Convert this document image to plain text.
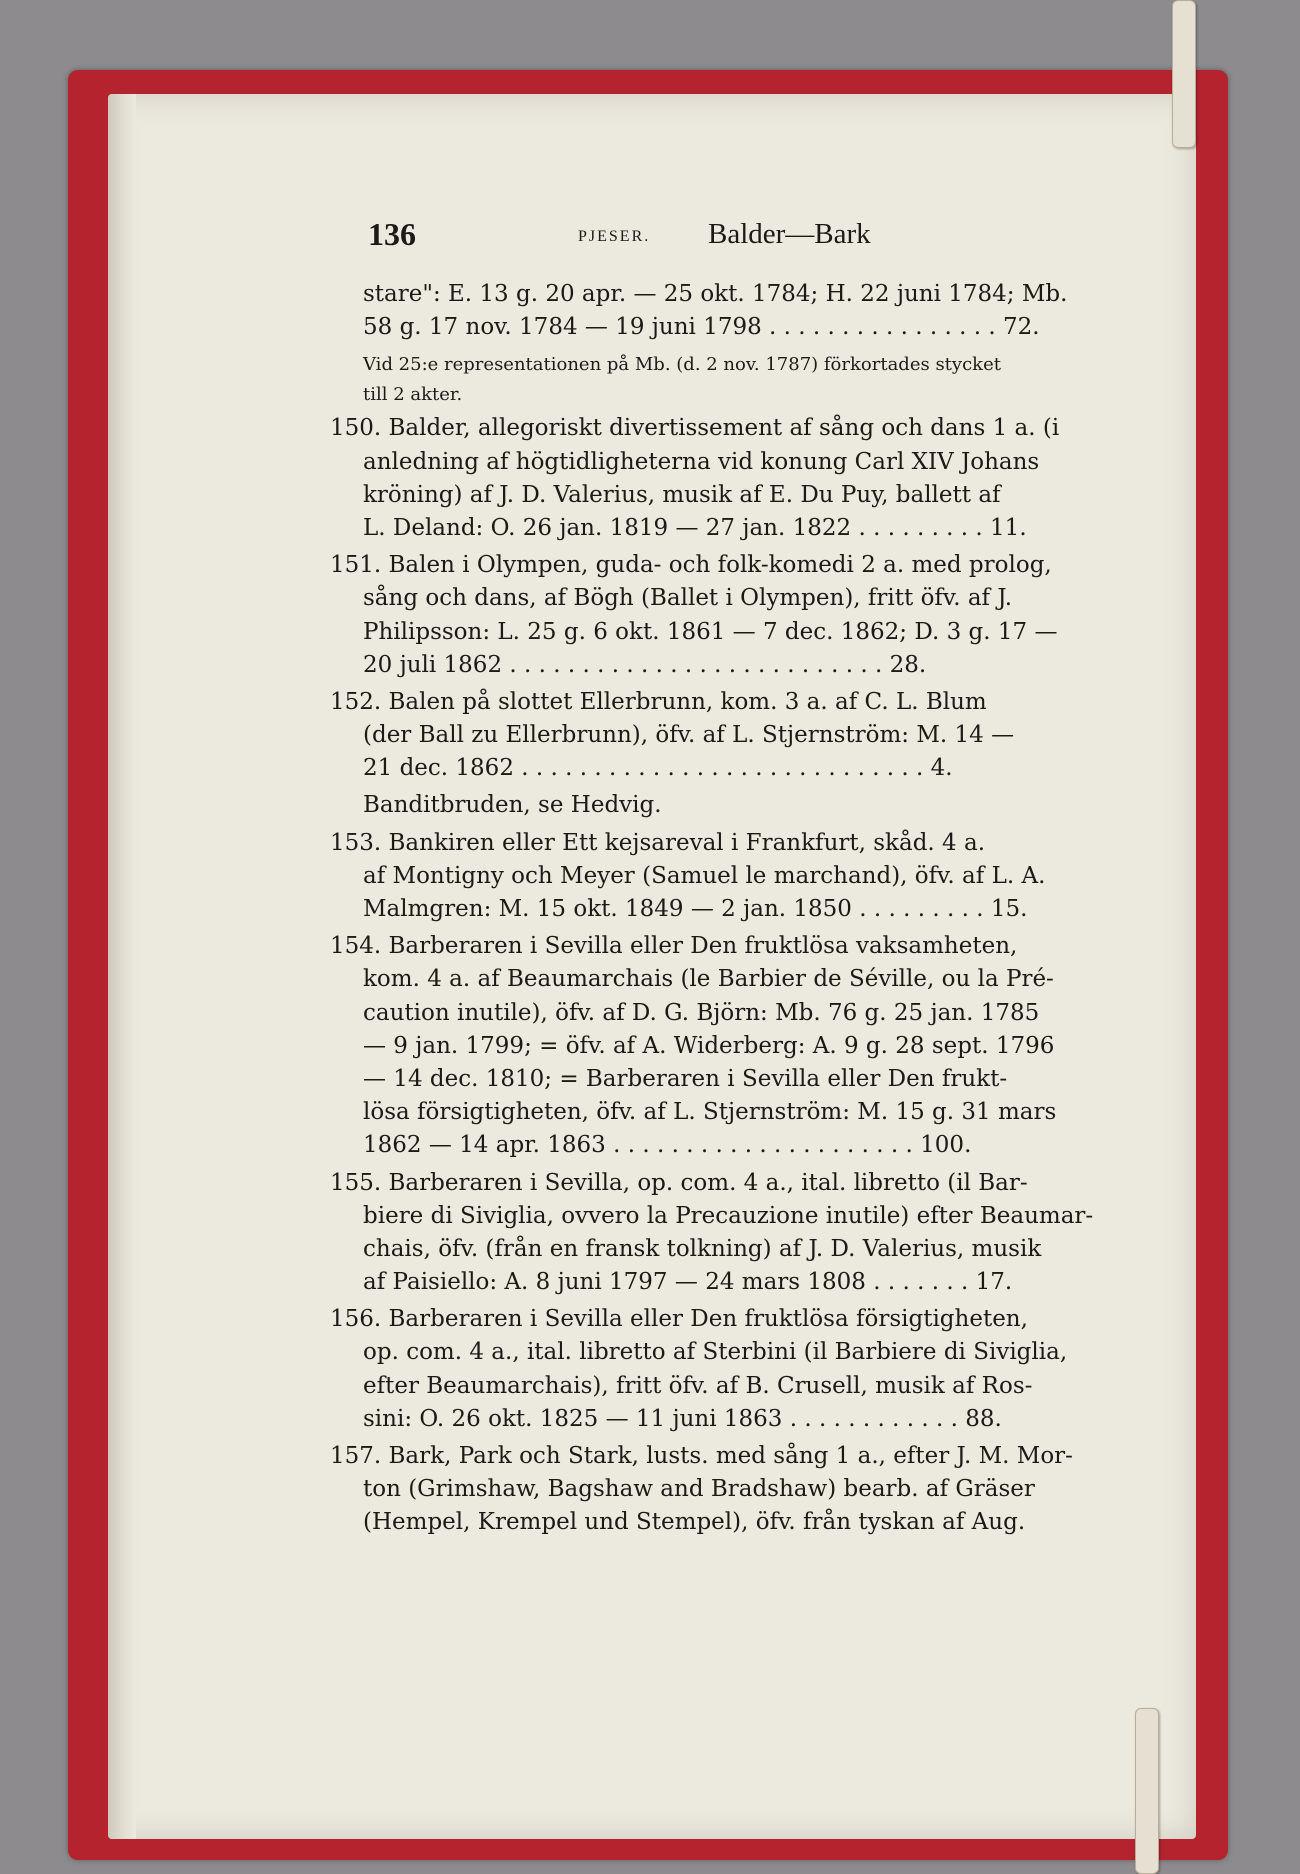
136	PJESER. Balder—Bark
stare": E. 13 g. 20 apr. — 25 okt. 1784; H. 22 juni 1784; Mb.
58 g. 17 nov. 1784 — 19 juni 1798 . . . . . . . . . . . . . . . . 72.
Vid 25:e representationen på Mb. (d. 2 nov. 1787) förkortades stycket
till 2 akter.
150. Balder, allegoriskt divertissement af sång och dans 1 a. (i
anledning af högtidligheterna vid konung Carl XIV Johans
kröning) af J. D. Valerius, musik af E. Du Puy, ballett af
L. Deland: O. 26 jan. 1819 — 27 jan. 1822 . . . . . . . . . 11.
151. Balen i Olympen, guda- och folk-komedi 2 a. med prolog,
sång och dans, af Bögh (Ballet i Olympen), fritt öfv. af J.
Philipsson: L. 25 g. 6 okt. 1861 — 7 dec. 1862; D. 3 g. 17 —
20 juli 1862 . . . . . . . . . . . . . . . . . . . . . . . . . . 28.
152. Balen på slottet Ellerbrunn, kom. 3 a. af C. L. Blum
(der Ball zu Ellerbrunn), öfv. af L. Stjernström: M. 14 —
21 dec. 1862 . . . . . . . . . . . . . . . . . . . . . . . . . . . . 4.
Banditbruden, se Hedvig.
153. Bankiren eller Ett kejsareval i Frankfurt, skåd. 4 a.
af Montigny och Meyer (Samuel le marchand), öfv. af L. A.
Malmgren: M. 15 okt. 1849 — 2 jan. 1850 . . . . . . . . . 15.
154. Barberaren i Sevilla eller Den fruktlösa vaksamheten,
kom. 4 a. af Beaumarchais (le Barbier de Séville, ou la Pré-
caution inutile), öfv. af D. G. Björn: Mb. 76 g. 25 jan. 1785
— 9 jan. 1799; = öfv. af A. Widerberg: A. 9 g. 28 sept. 1796
— 14 dec. 1810; = Barberaren i Sevilla eller Den frukt-
lösa försigtigheten, öfv. af L. Stjernström: M. 15 g. 31 mars
1862 — 14 apr. 1863 . . . . . . . . . . . . . . . . . . . . . 100.
155. Barberaren i Sevilla, op. com. 4 a., ital. libretto (il Bar-
biere di Siviglia, ovvero la Precauzione inutile) efter Beaumar-
chais, öfv. (från en fransk tolkning) af J. D. Valerius, musik
af Paisiello: A. 8 juni 1797 — 24 mars 1808 . . . . . . . 17.
156. Barberaren i Sevilla eller Den fruktlösa försigtigheten,
op. com. 4 a., ital. libretto af Sterbini (il Barbiere di Siviglia,
efter Beaumarchais), fritt öfv. af B. Crusell, musik af Ros-
sini: O. 26 okt. 1825 — 11 juni 1863 . . . . . . . . . . . . 88.
157. Bark, Park och Stark, lusts. med sång 1 a., efter J. M. Mor-
ton (Grimshaw, Bagshaw and Bradshaw) bearb. af Gräser
(Hempel, Krempel und Stempel), öfv. från tyskan af Aug.
